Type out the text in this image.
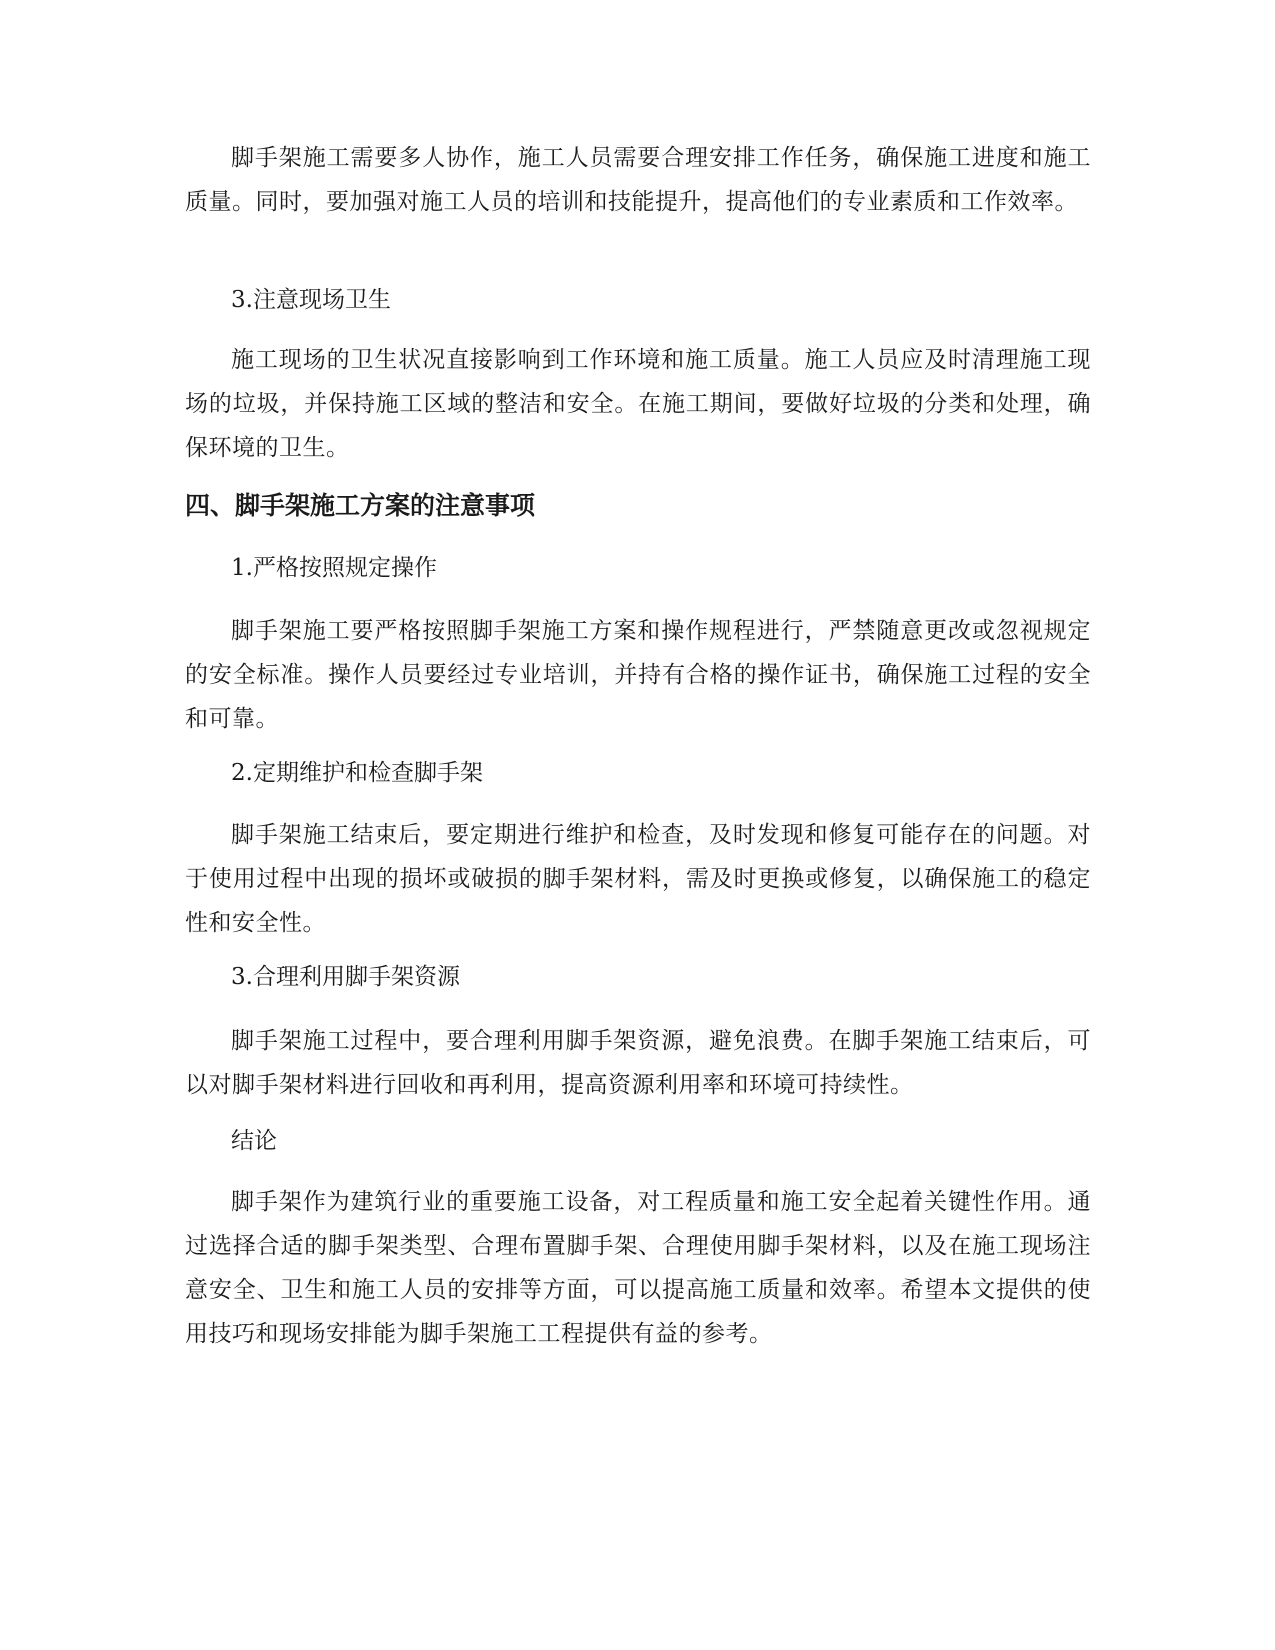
脚手架施工需要多人协作，施工人员需要合理安排工作任务，确保施工进度和施工质量。同时，要加强对施工人员的培训和技能提升，提高他们的专业素质和工作效率。

3.注意现场卫生

施工现场的卫生状况直接影响到工作环境和施工质量。施工人员应及时清理施工现场的垃圾，并保持施工区域的整洁和安全。在施工期间，要做好垃圾的分类和处理，确保环境的卫生。

四、脚手架施工方案的注意事项

1.严格按照规定操作

脚手架施工要严格按照脚手架施工方案和操作规程进行，严禁随意更改或忽视规定的安全标准。操作人员要经过专业培训，并持有合格的操作证书，确保施工过程的安全和可靠。

2.定期维护和检查脚手架

脚手架施工结束后，要定期进行维护和检查，及时发现和修复可能存在的问题。对于使用过程中出现的损坏或破损的脚手架材料，需及时更换或修复，以确保施工的稳定性和安全性。

3.合理利用脚手架资源

脚手架施工过程中，要合理利用脚手架资源，避免浪费。在脚手架施工结束后，可以对脚手架材料进行回收和再利用，提高资源利用率和环境可持续性。

结论

脚手架作为建筑行业的重要施工设备，对工程质量和施工安全起着关键性作用。通过选择合适的脚手架类型、合理布置脚手架、合理使用脚手架材料，以及在施工现场注意安全、卫生和施工人员的安排等方面，可以提高施工质量和效率。希望本文提供的使用技巧和现场安排能为脚手架施工工程提供有益的参考。
